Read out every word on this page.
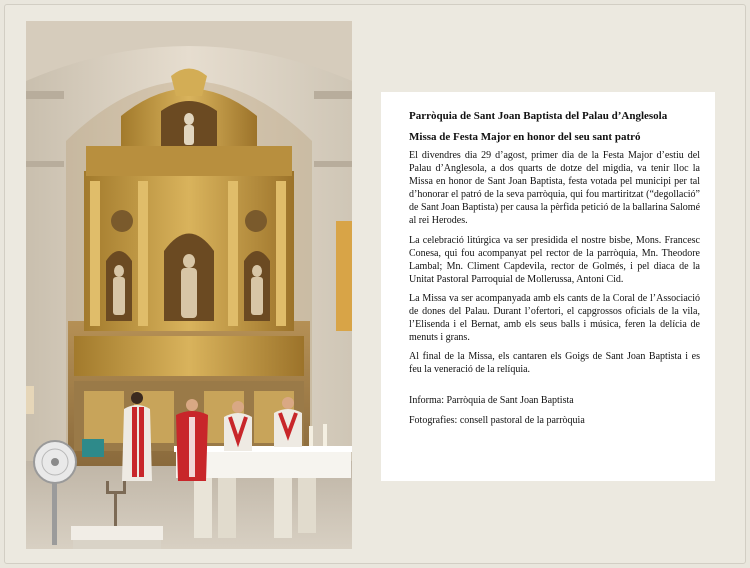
Parròquia de Sant Joan Baptista del Palau d’Anglesola
Missa de Festa Major en honor del seu sant patró

El divendres dia 29 d’agost, primer dia de la Festa Major d’estiu del Palau d’Anglesola, a dos quarts de dotze del migdia, va tenir lloc la Missa en honor de Sant Joan Baptista, festa votada pel municipi per tal d’honorar el patró de la seva parròquia, qui fou martiritzat (“degollació” de Sant Joan Baptista) per causa la pèrfida petició de la ballarina Salomé al rei Herodes.

La celebració litúrgica va ser presidida el nostre bisbe, Mons. Francesc Conesa, qui fou acompanyat pel rector de la parròquia, Mn. Theodore Lambal; Mn. Climent Capdevila, rector de Golmés, i pel diaca de la Unitat Pastoral Parroquial de Mollerussa, Antoni Cid.

La Missa va ser acompanyada amb els cants de la Coral de l’Associació de dones del Palau. Durant l’ofertori, el capgrossos oficials de la vila, l’Elisenda i el Bernat, amb els seus balls i música, feren la delícia de menuts i grans.

Al final de la Missa, els cantaren els Goigs de Sant Joan Baptista i es feu la veneració de la relíquia.

Informa: Parròquia de Sant Joan Baptista

Fotografies: consell pastoral de la parròquia
